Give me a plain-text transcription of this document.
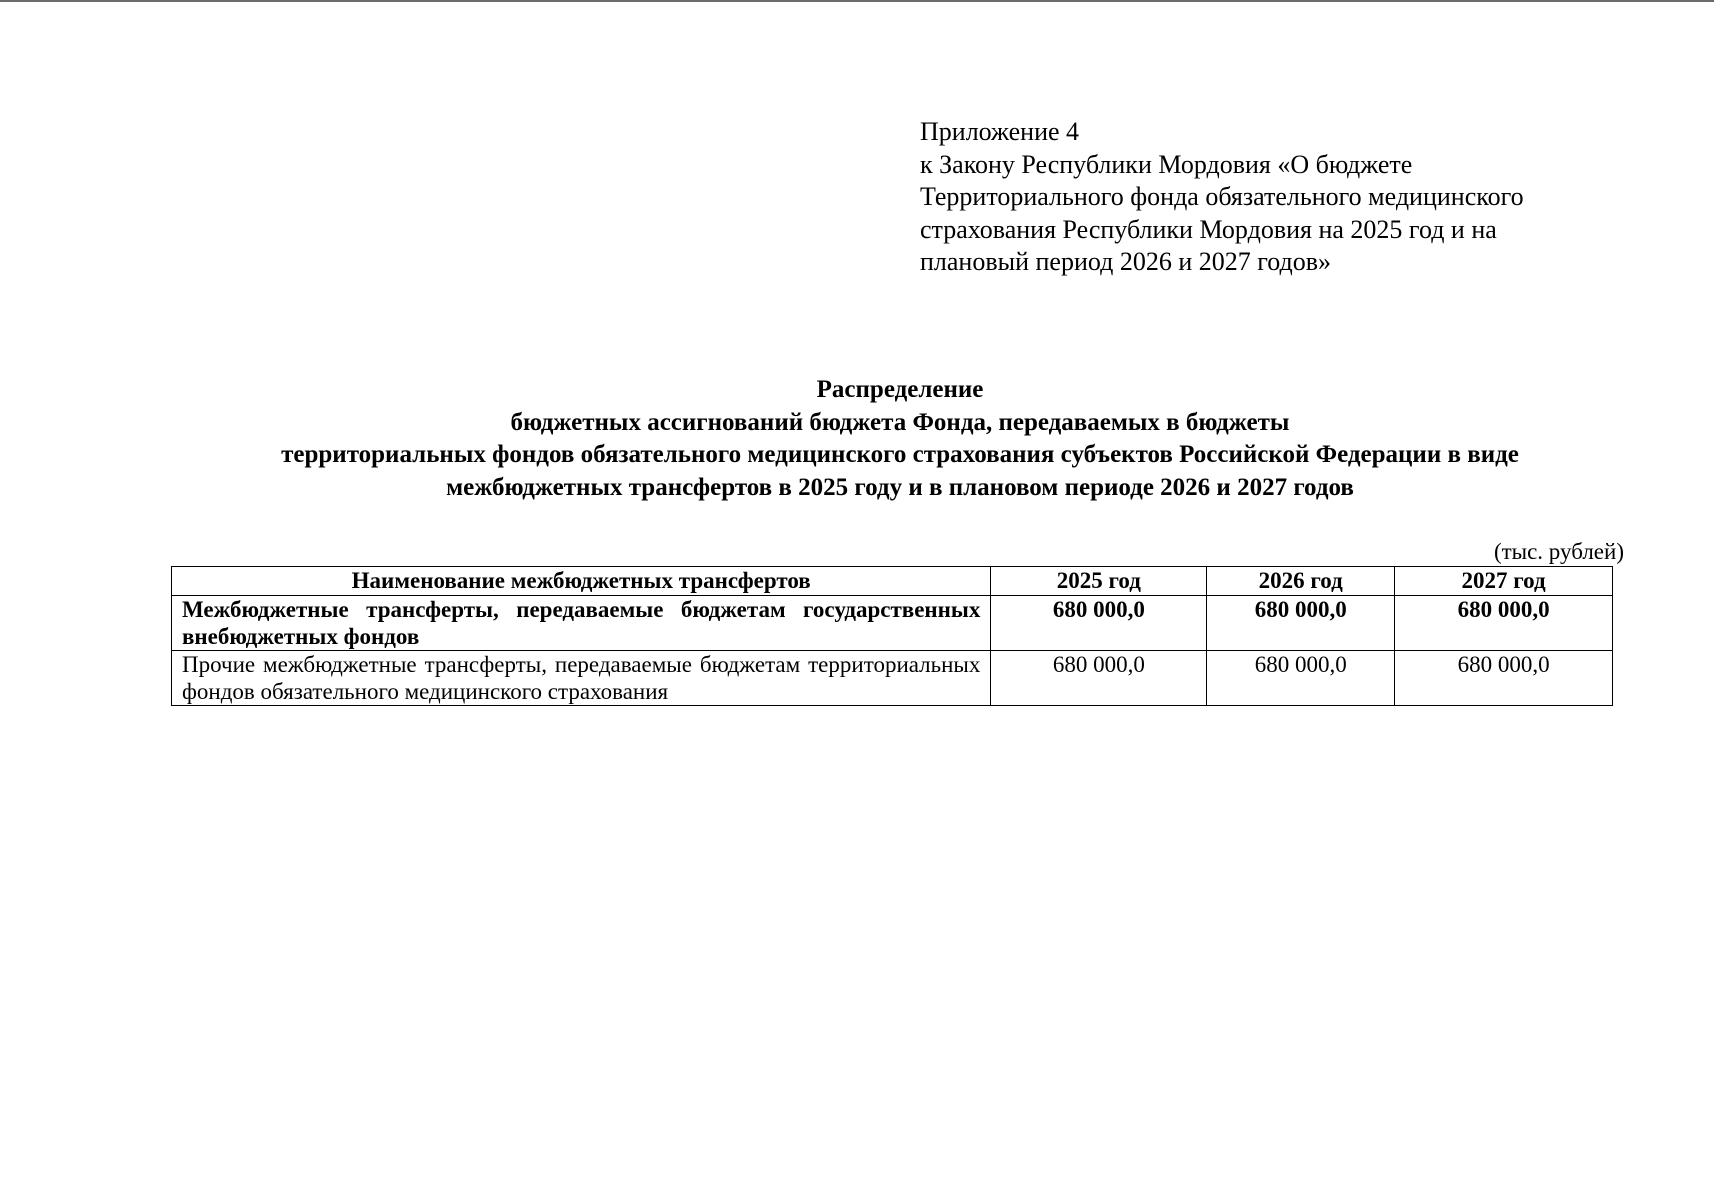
Приложение 4
к Закону Республики Мордовия «О бюджете
Территориального фонда обязательного медицинского
страхования Республики Мордовия на 2025 год и на
плановый период 2026 и 2027 годов»
Распределение
бюджетных ассигнований бюджета Фонда, передаваемых в бюджеты
территориальных фондов обязательного медицинского страхования субъектов Российской Федерации в виде
межбюджетных трансфертов в 2025 году и в плановом периоде 2026 и 2027 годов
(тыс. рублей)
Наименование межбюджетных трансфертов	2025 год	2026 год	2027 год
Межбюджетные трансферты, передаваемые бюджетам государственных внебюджетных фондов	680 000,0	680 000,0	680 000,0
Прочие межбюджетные трансферты, передаваемые бюджетам территориальных фондов обязательного медицинского страхования	680 000,0	680 000,0	680 000,0
